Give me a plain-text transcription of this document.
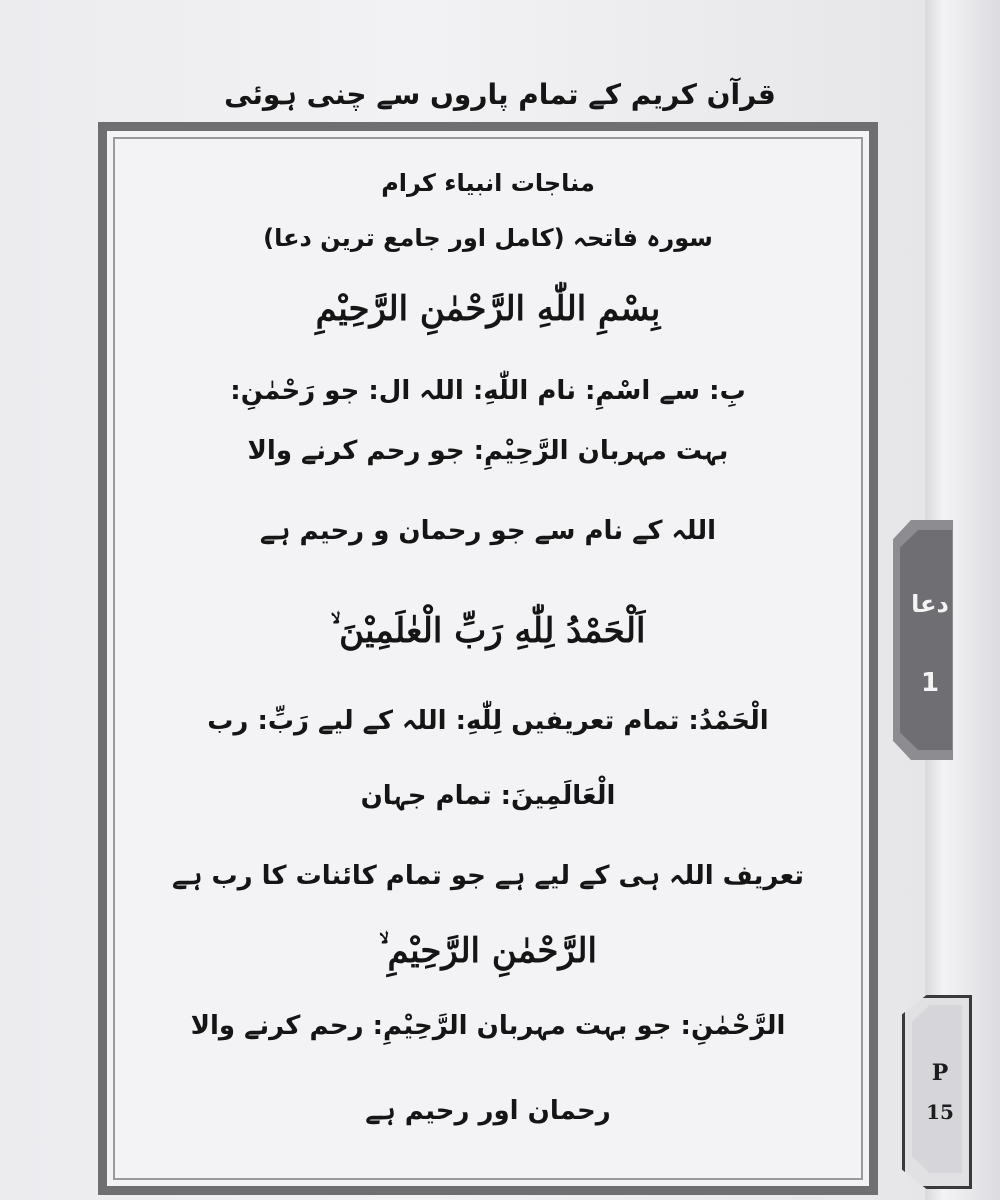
قرآن کریم کے تمام پاروں سے چنی ہوئی
مناجات انبیاء کرام
سورہ فاتحہ (کامل اور جامع ترین دعا)
بِسْمِ اللّٰهِ الرَّحْمٰنِ الرَّحِيْمِ
بِ: سے اسْمِ: نام اللّٰهِ: اللہ ال: جو رَحْمٰنِ:
بہت مہربان الرَّحِيْمِ: جو رحم کرنے والا
اللہ کے نام سے جو رحمان و رحیم ہے
اَلْحَمْدُ لِلّٰهِ رَبِّ الْعٰلَمِيْنَ ۙ
الْحَمْدُ: تمام تعریفیں لِلّٰهِ: اللہ کے لیے رَبِّ: رب
الْعَالَمِينَ: تمام جہان
تعریف اللہ ہی کے لیے ہے جو تمام کائنات کا رب ہے
الرَّحْمٰنِ الرَّحِيْمِ ۙ
الرَّحْمٰنِ: جو بہت مہربان الرَّحِيْمِ: رحم کرنے والا
رحمان اور رحیم ہے
دعا
1
P
15
